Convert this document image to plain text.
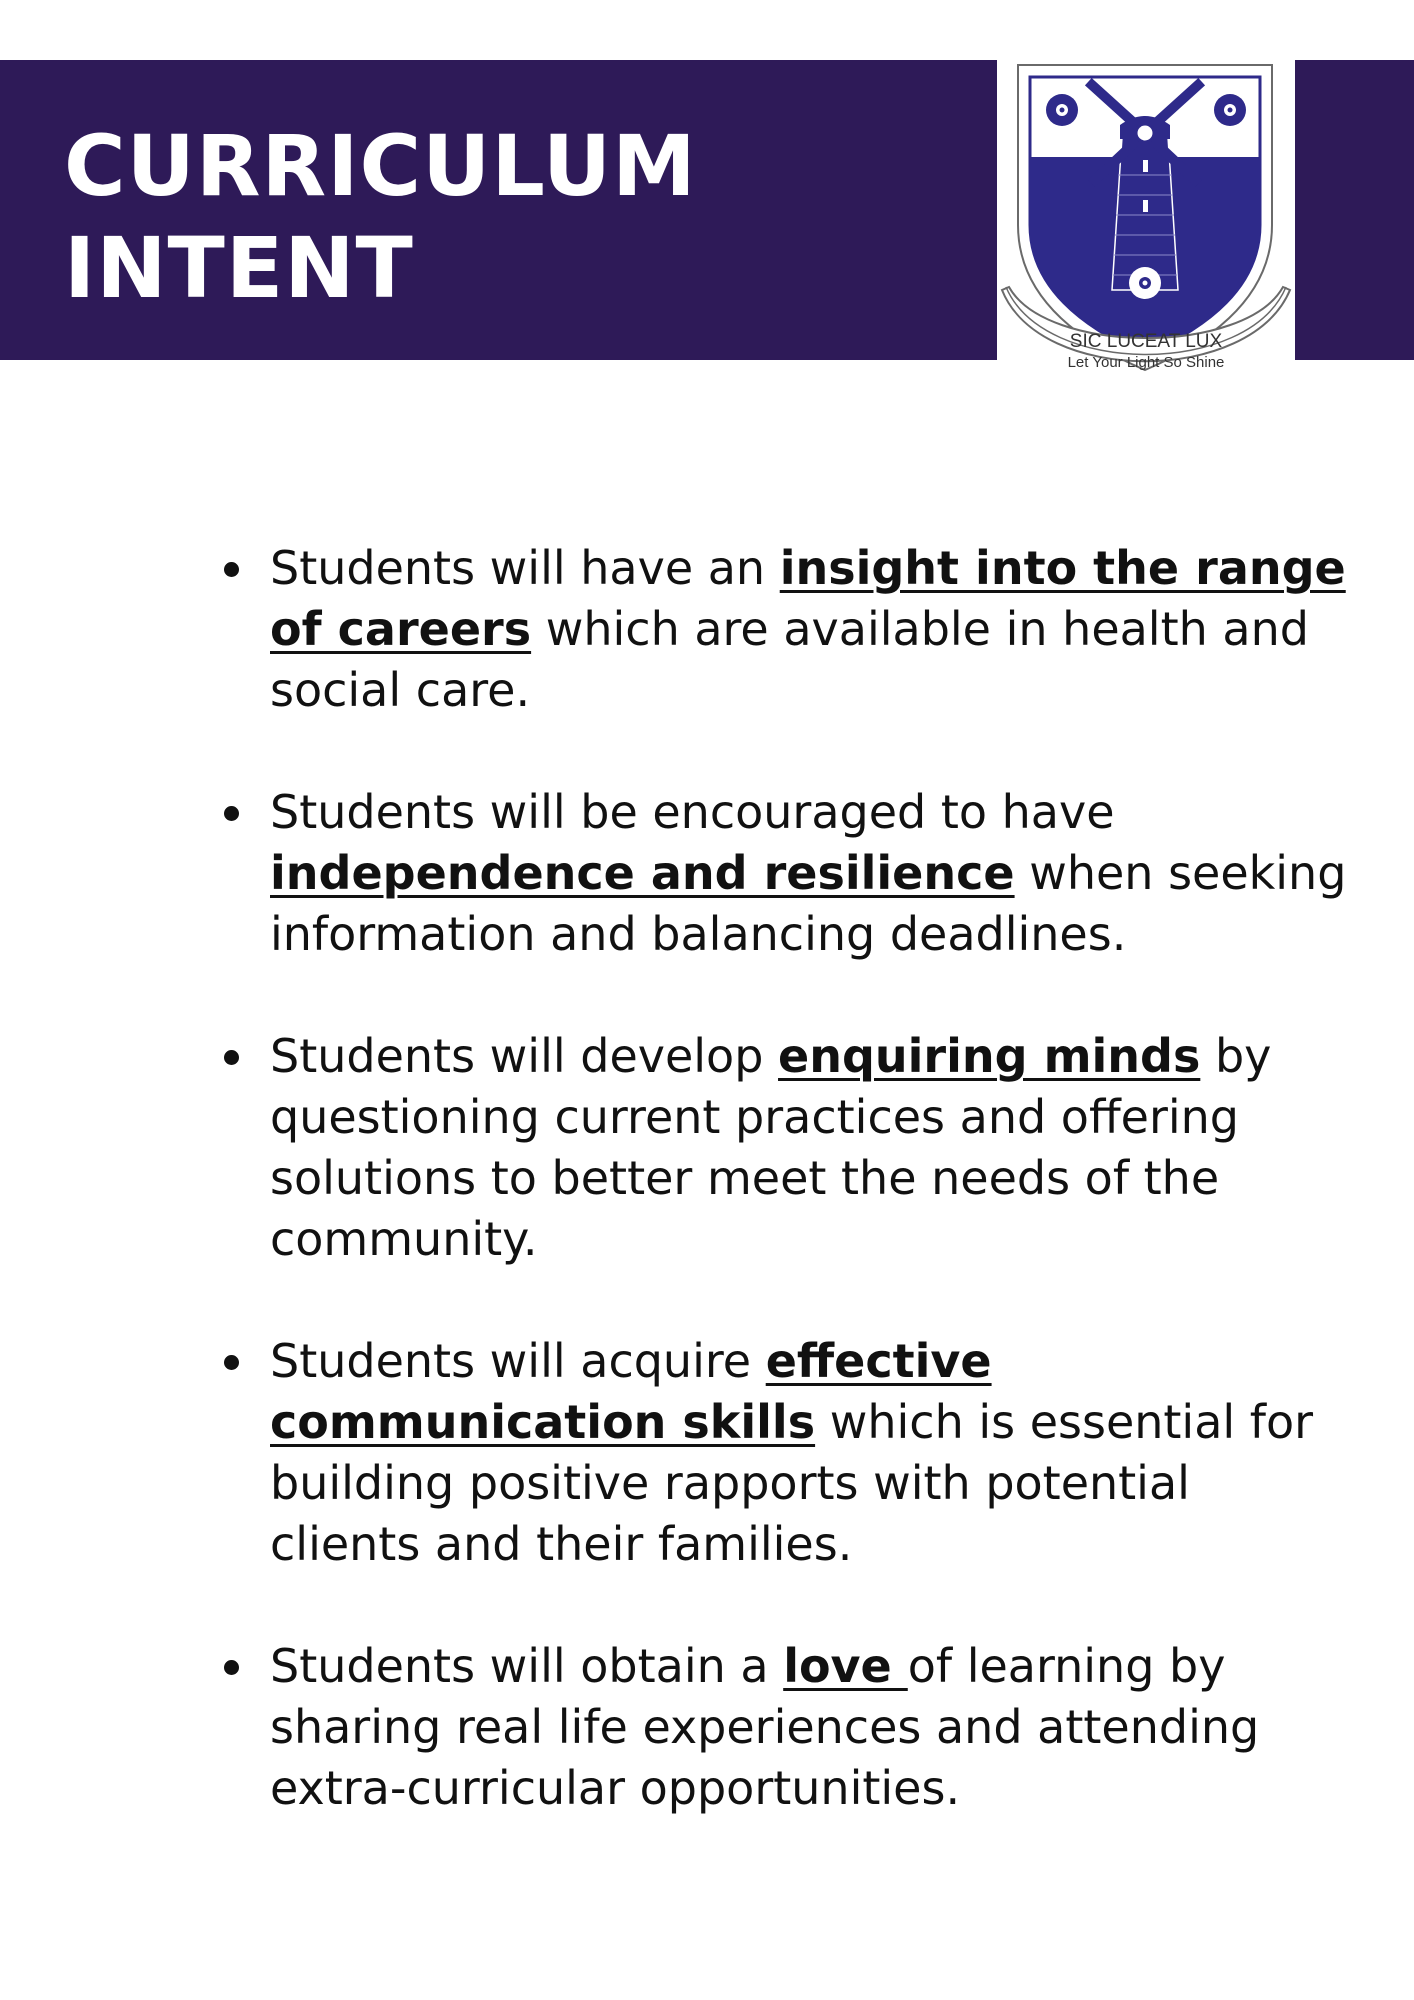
CURRICULUM
INTENT
SIC LUCEAT LUX
Let Your Light So Shine
Students will have an insight into the range of careers which are available in health and social care.
Students will be encouraged to have independence and resilience when seeking information and balancing deadlines.
Students will develop enquiring minds by questioning current practices and offering solutions to better meet the needs of the community.
Students will acquire effective communication skills which is essential for building positive rapports with potential clients and their families.
Students will obtain a love of learning by sharing real life experiences and attending extra-curricular opportunities.
